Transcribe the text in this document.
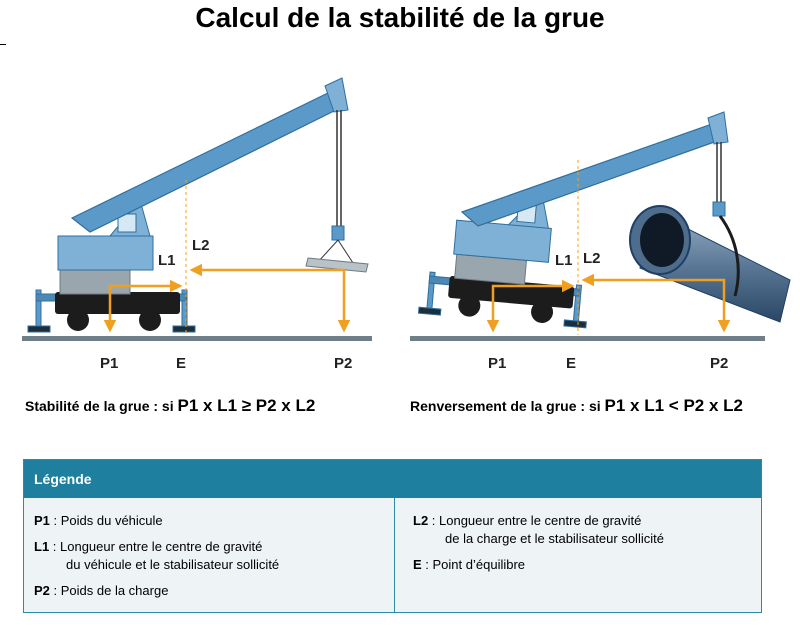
Calcul de la stabilité de la grue
L1
L2
P1	E	P2
L1 L2
P1	E	P2
Stabilité de la grue : si P1 x L1 ≥ P2 x L2	Renversement de la grue : si P1 x L1 < P2 x L2
Légende
P1 : Poids du véhicule
L1 : Longueur entre le centre de gravité
du véhicule et le stabilisateur sollicité
P2 : Poids de la charge
L2 : Longueur entre le centre de gravité
de la charge et le stabilisateur sollicité
E : Point d’équilibre
